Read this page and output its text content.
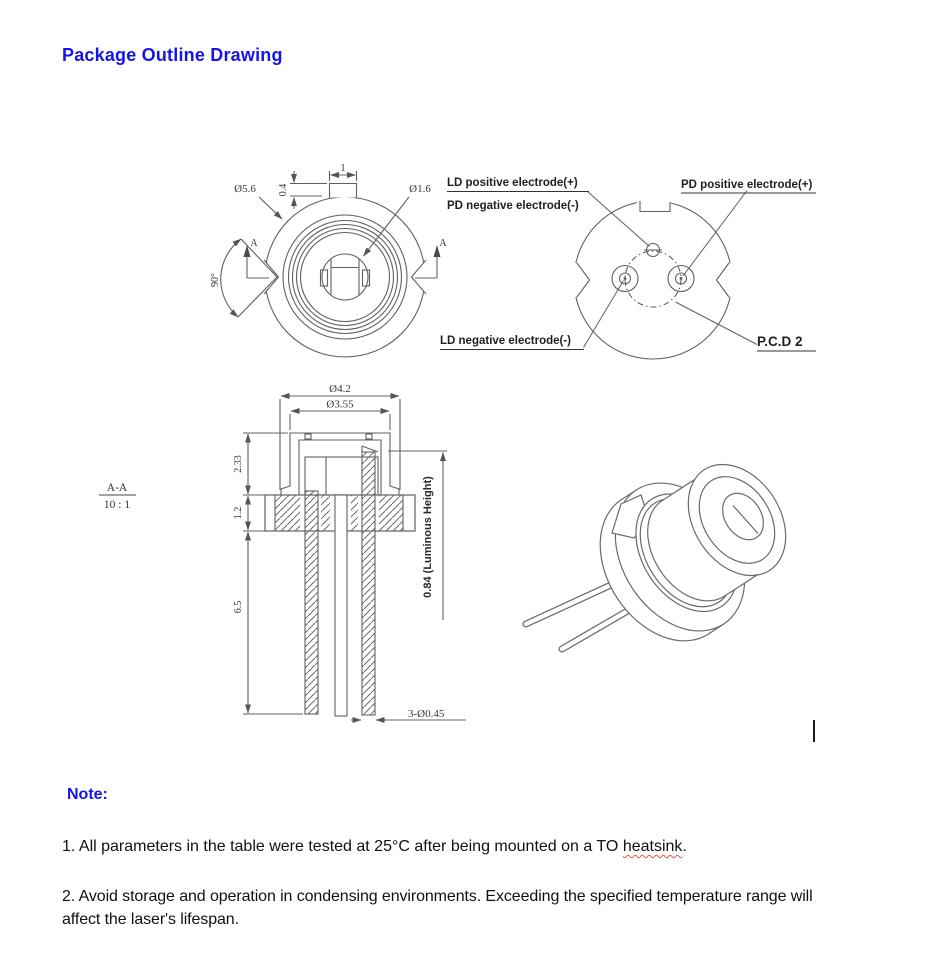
Package Outline Drawing
1
0.4
Ø5.6	Ø1.6
90°
A	A
LD positive electrode(+)
PD negative electrode(-)
PD positive electrode(+)
LD negative electrode(-)	P.C.D 2
Ø4.2
Ø3.55
2.33
1.2
6.5
0.84 (Luminous Height)
3-Ø0.45
A-A
10 : 1
Note:
1. All parameters in the table were tested at 25°C after being mounted on a TO heatsink.
2. Avoid storage and operation in condensing environments. Exceeding the specified temperature range will affect the laser's lifespan.
